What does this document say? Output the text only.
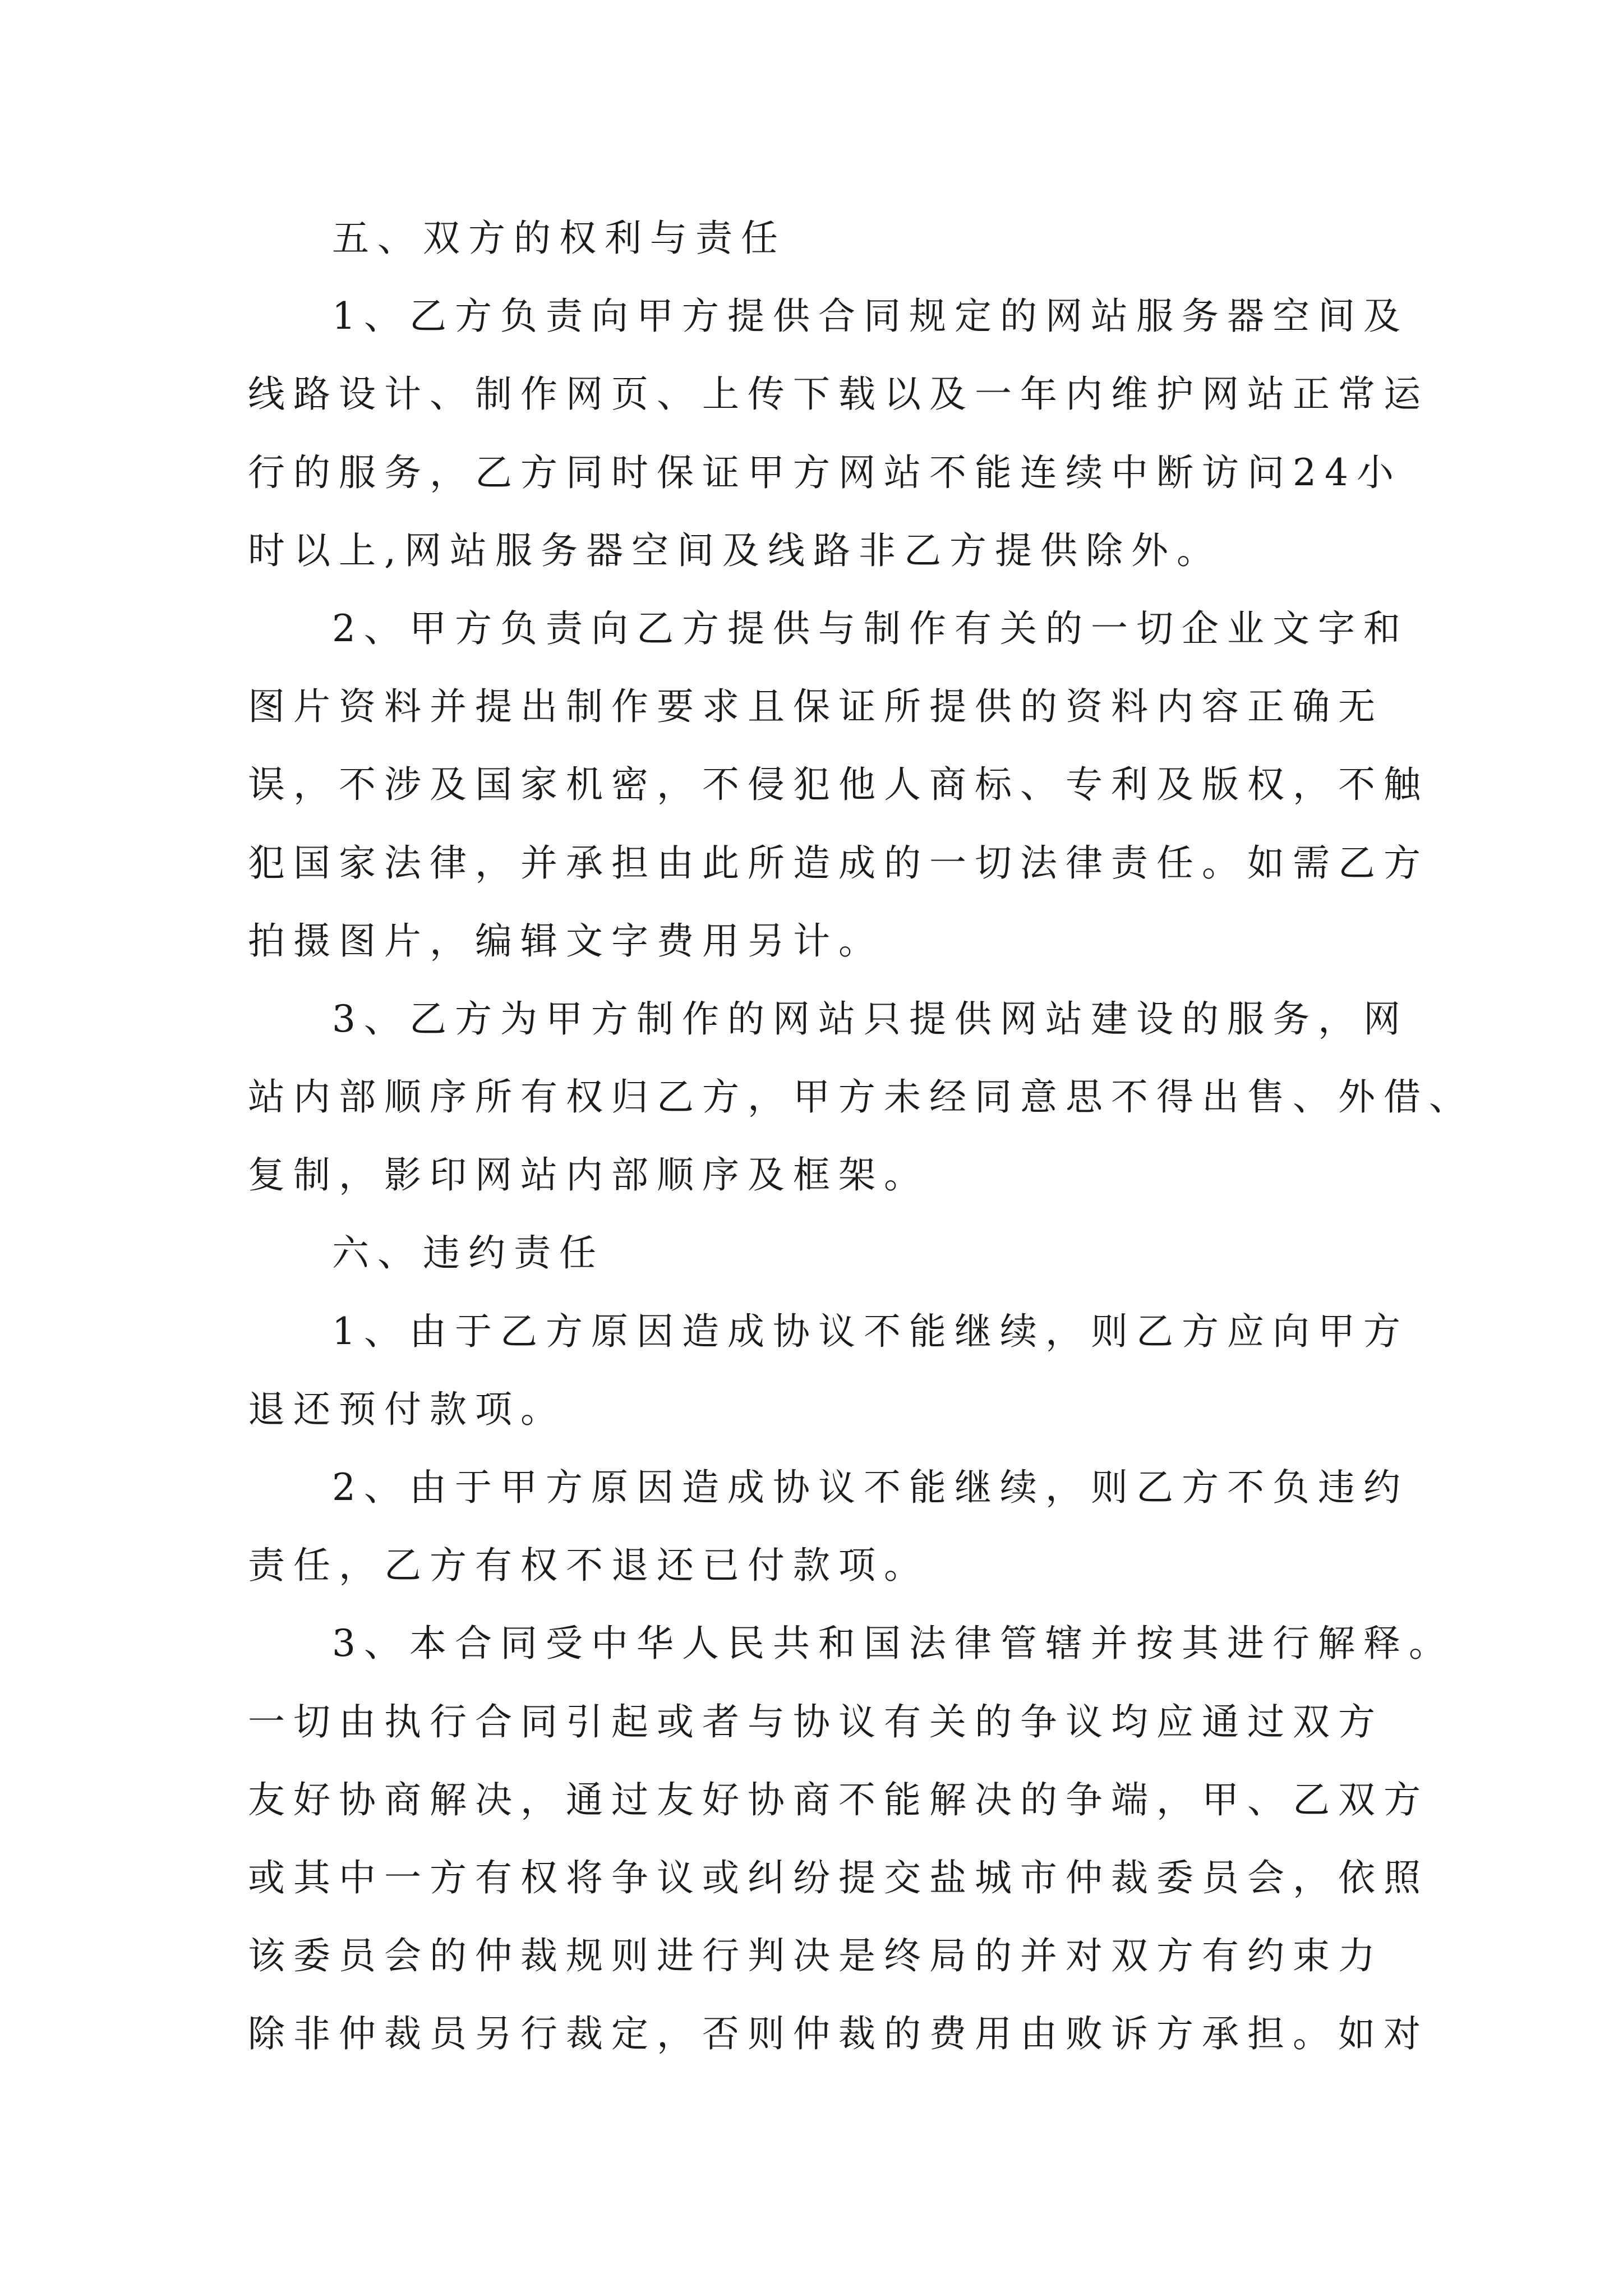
五、双方的权利与责任
1、乙方负责向甲方提供合同规定的网站服务器空间及
线路设计、制作网页、上传下载以及一年内维护网站正常运
行的服务，乙方同时保证甲方网站不能连续中断访问24小
时以上,网站服务器空间及线路非乙方提供除外。
2、甲方负责向乙方提供与制作有关的一切企业文字和
图片资料并提出制作要求且保证所提供的资料内容正确无
误，不涉及国家机密，不侵犯他人商标、专利及版权，不触
犯国家法律，并承担由此所造成的一切法律责任。如需乙方
拍摄图片，编辑文字费用另计。
3、乙方为甲方制作的网站只提供网站建设的服务，网
站内部顺序所有权归乙方，甲方未经同意思不得出售、外借、
复制，影印网站内部顺序及框架。
六、违约责任
1、由于乙方原因造成协议不能继续，则乙方应向甲方
退还预付款项。
2、由于甲方原因造成协议不能继续，则乙方不负违约
责任，乙方有权不退还已付款项。
3、本合同受中华人民共和国法律管辖并按其进行解释。
一切由执行合同引起或者与协议有关的争议均应通过双方
友好协商解决，通过友好协商不能解决的争端，甲、乙双方
或其中一方有权将争议或纠纷提交盐城市仲裁委员会，依照
该委员会的仲裁规则进行判决是终局的并对双方有约束力
除非仲裁员另行裁定，否则仲裁的费用由败诉方承担。如对
